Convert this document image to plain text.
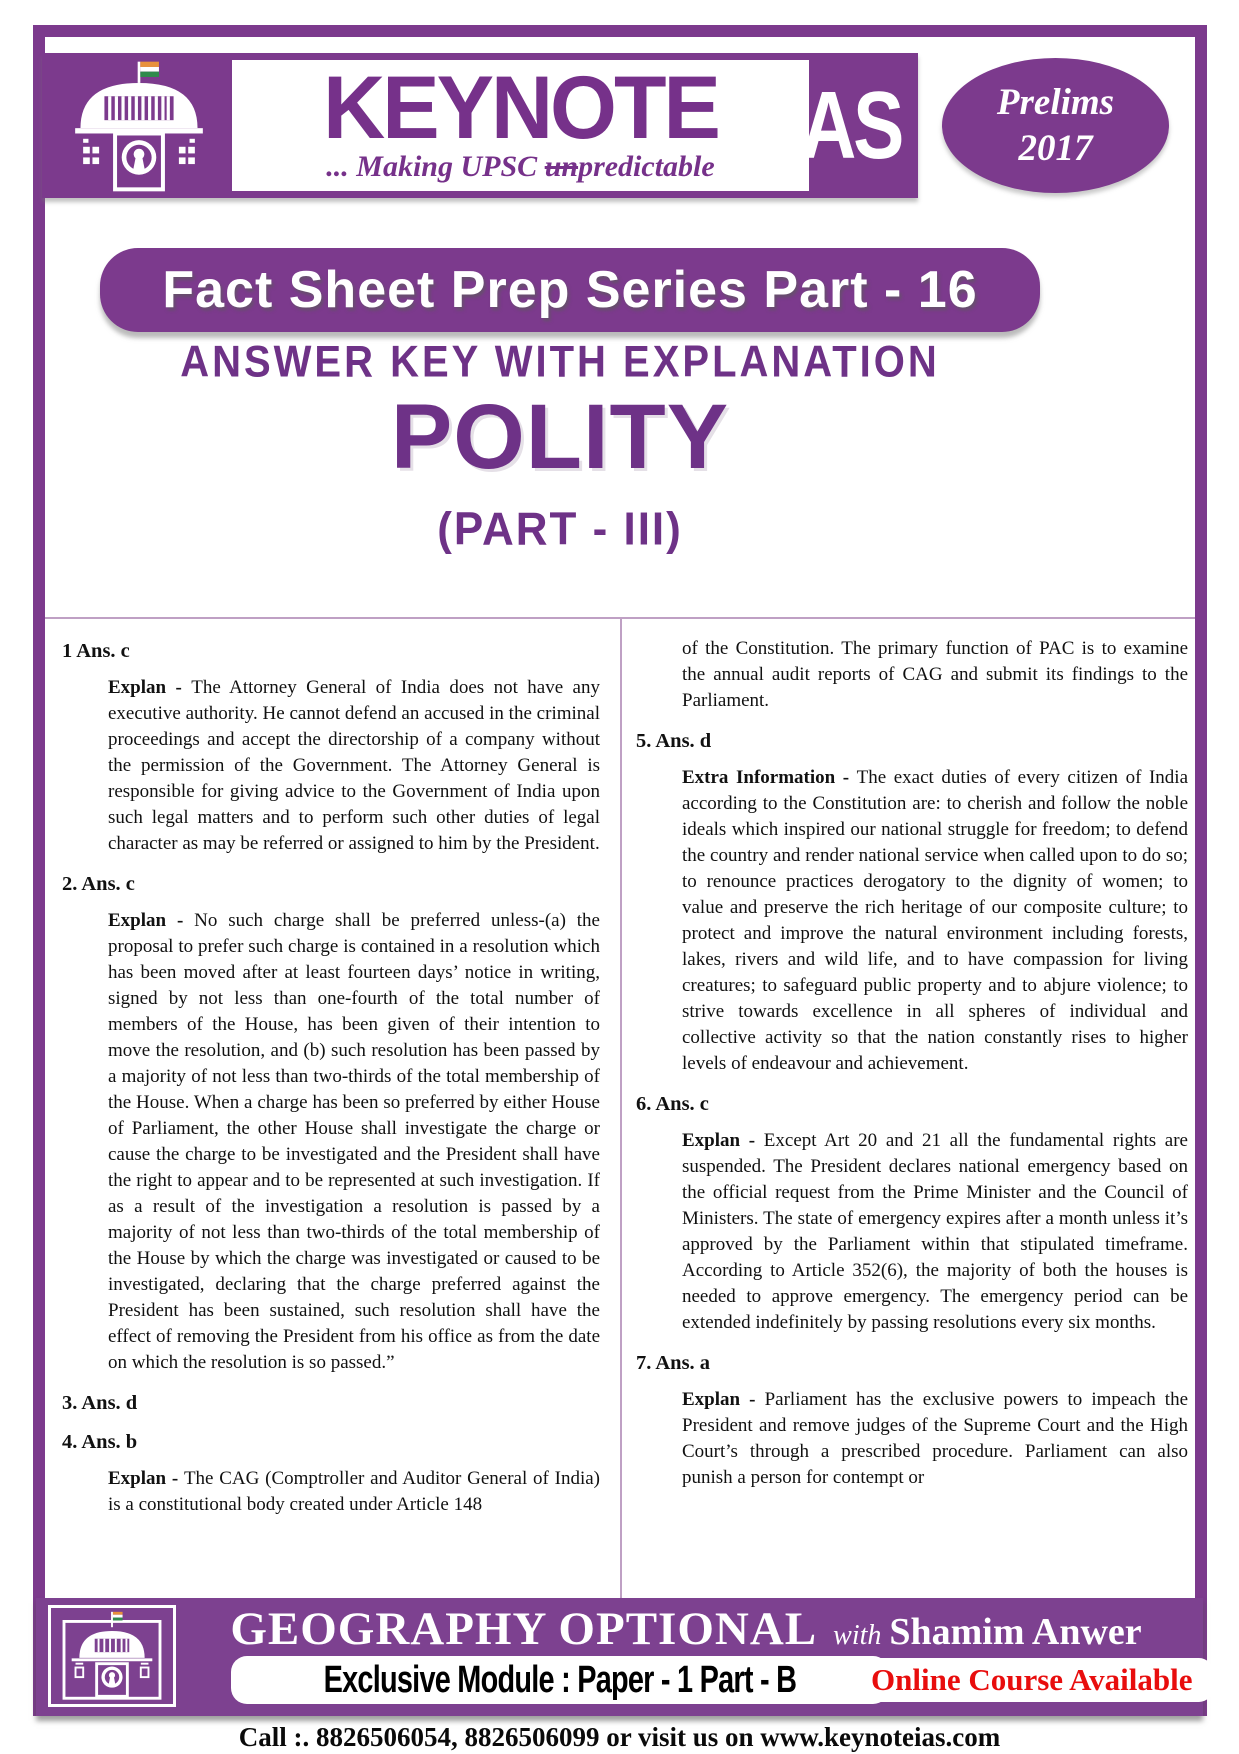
KEYNOTE
... Making UPSC unpredictable IAS	Prelims
2017
Fact Sheet Prep Series Part - 16
ANSWER KEY WITH EXPLANATION
POLITY
(PART - III)
1 Ans. c

Explan - The Attorney General of India does not have any executive authority. He cannot defend an accused in the criminal proceedings and accept the directorship of a company without the permission of the Government. The Attorney General is responsible for giving advice to the Government of India upon such legal matters and to perform such other duties of legal character as may be referred or assigned to him by the President.

2. Ans. c

Explan - No such charge shall be preferred unless-(a) the proposal to prefer such charge is contained in a resolution which has been moved after at least fourteen days’ notice in writing, signed by not less than one-fourth of the total number of members of the House, has been given of their intention to move the resolution, and (b) such resolution has been passed by a majority of not less than two-thirds of the total membership of the House. When a charge has been so preferred by either House of Parliament, the other House shall investigate the charge or cause the charge to be investigated and the President shall have the right to appear and to be represented at such investigation. If as a result of the investigation a resolution is passed by a majority of not less than two-thirds of the total membership of the House by which the charge was investigated or caused to be investigated, declaring that the charge preferred against the President has been sustained, such resolution shall have the effect of removing the President from his office as from the date on which the resolution is so passed.”

3. Ans. d
4. Ans. b

Explan - The CAG (Comptroller and Auditor General of India) is a constitutional body created under Article 148

of the Constitution. The primary function of PAC is to examine the annual audit reports of CAG and submit its findings to the Parliament.

5. Ans. d

Extra Information - The exact duties of every citizen of India according to the Constitution are: to cherish and follow the noble ideals which inspired our national struggle for freedom; to defend the country and render national service when called upon to do so; to renounce practices derogatory to the dignity of women; to value and preserve the rich heritage of our composite culture; to protect and improve the natural environment including forests, lakes, rivers and wild life, and to have compassion for living creatures; to safeguard public property and to abjure violence; to strive towards excellence in all spheres of individual and collective activity so that the nation constantly rises to higher levels of endeavour and achievement.

6. Ans. c

Explan - Except Art 20 and 21 all the fundamental rights are suspended. The President declares national emergency based on the official request from the Prime Minister and the Council of Ministers. The state of emergency expires after a month unless it’s approved by the Parliament within that stipulated timeframe. According to Article 352(6), the majority of both the houses is needed to approve emergency. The emergency period can be extended indefinitely by passing resolutions every six months.

7. Ans. a

Explan - Parliament has the exclusive powers to impeach the President and remove judges of the Supreme Court and the High Court’s through a prescribed procedure. Parliament can also punish a person for contempt or

GEOGRAPHY OPTIONAL with Shamim Anwer
Exclusive Module : Paper - 1 Part - B Online Course Available
Call :. 8826506054, 8826506099 or visit us on www.keynoteias.com
